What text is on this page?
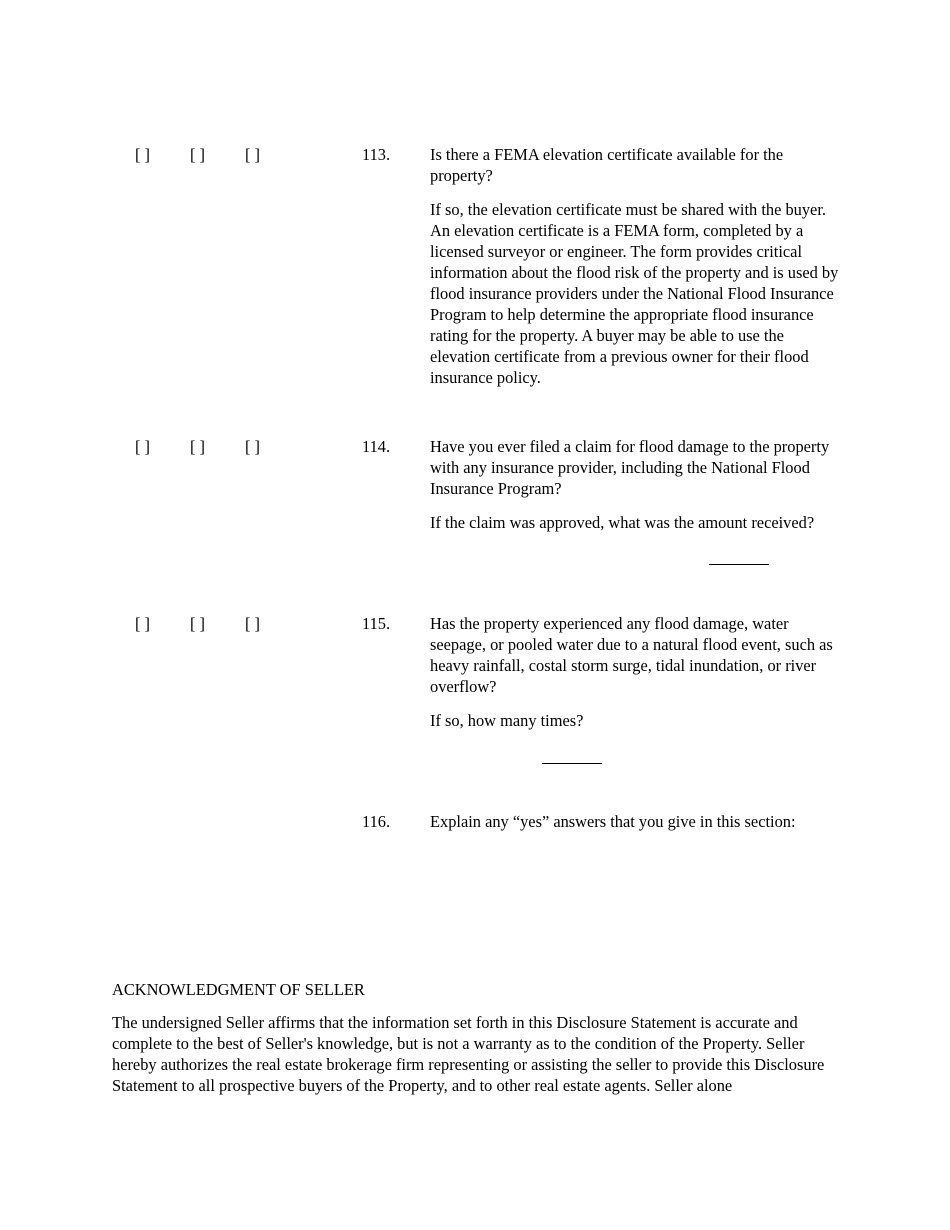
[ ] [ ] [ ]	113. Is there a FEMA elevation certificate available for the property?
If so, the elevation certificate must be shared with the buyer. An elevation certificate is a FEMA form, completed by a licensed surveyor or engineer. The form provides critical information about the flood risk of the property and is used by flood insurance providers under the National Flood Insurance Program to help determine the appropriate flood insurance rating for the property. A buyer may be able to use the elevation certificate from a previous owner for their flood insurance policy.
[ ] [ ] [ ]	114. Have you ever filed a claim for flood damage to the property with any insurance provider, including the National Flood Insurance Program?
If the claim was approved, what was the amount received?
[ ] [ ] [ ]	115. Has the property experienced any flood damage, water seepage, or pooled water due to a natural flood event, such as heavy rainfall, costal storm surge, tidal inundation, or river overflow?
If so, how many times?
116. Explain any “yes” answers that you give in this section:
ACKNOWLEDGMENT OF SELLER
The undersigned Seller affirms that the information set forth in this Disclosure Statement is accurate and complete to the best of Seller's knowledge, but is not a warranty as to the condition of the Property. Seller hereby authorizes the real estate brokerage firm representing or assisting the seller to provide this Disclosure Statement to all prospective buyers of the Property, and to other real estate agents. Seller alone
